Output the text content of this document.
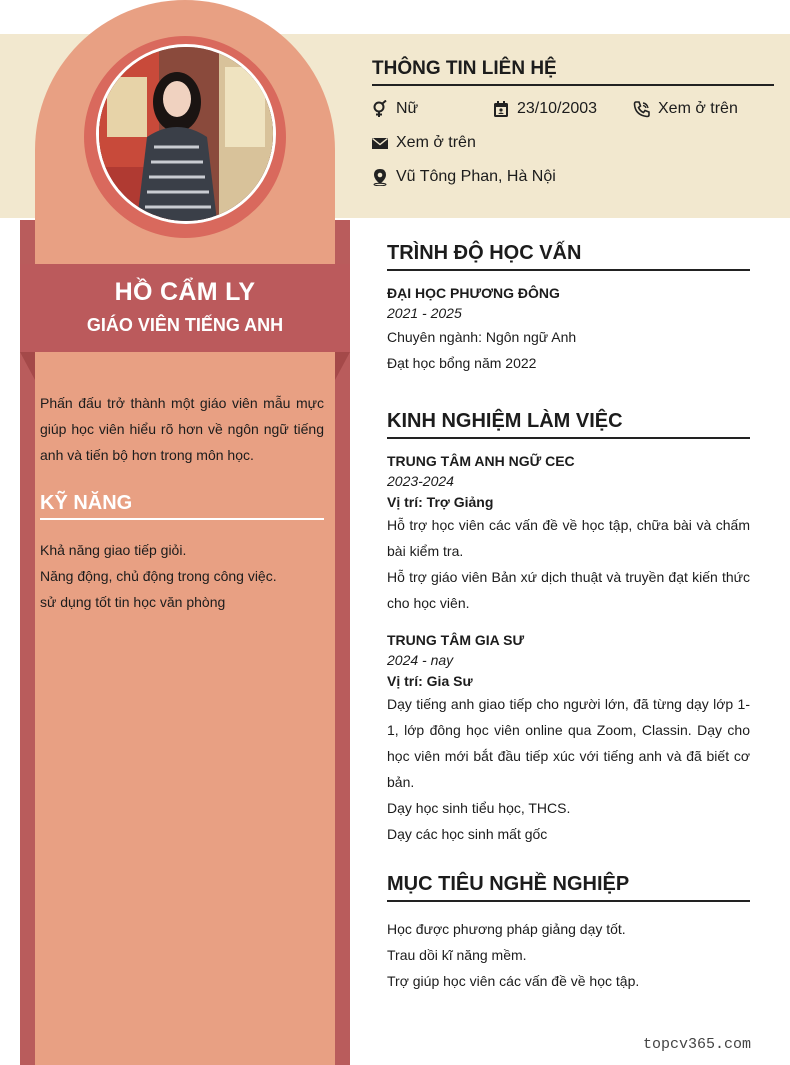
HỒ CẨM LY
GIÁO VIÊN TIẾNG ANH
Phấn đấu trở thành một giáo viên mẫu mực giúp học viên hiểu rõ hơn về ngôn ngữ tiếng anh và tiến bộ hơn trong môn học.
KỸ NĂNG
Khả năng giao tiếp giỏi.
Năng động, chủ động trong công việc.
sử dụng tốt tin học văn phòng
THÔNG TIN LIÊN HỆ
Nữ	23/10/2003	Xem ở trên
Xem ở trên
Vũ Tông Phan, Hà Nội
TRÌNH ĐỘ HỌC VẤN
ĐẠI HỌC PHƯƠNG ĐÔNG
2021 - 2025
Chuyên ngành: Ngôn ngữ Anh
Đạt học bổng năm 2022
KINH NGHIỆM LÀM VIỆC
TRUNG TÂM ANH NGỮ CEC
2023-2024
Vị trí: Trợ Giảng
Hỗ trợ học viên các vấn đề về học tập, chữa bài và chấm bài kiểm tra.
Hỗ trợ giáo viên Bản xứ dịch thuật và truyền đạt kiến thức cho học viên.
TRUNG TÂM GIA SƯ
2024 - nay
Vị trí: Gia Sư
Dạy tiếng anh giao tiếp cho người lớn, đã từng dạy lớp 1-1, lớp đông học viên online qua Zoom, Classin. Dạy cho học viên mới bắt đầu tiếp xúc với tiếng anh và đã biết cơ bản.
Dạy học sinh tiểu học, THCS.
Dạy các học sinh mất gốc
MỤC TIÊU NGHỀ NGHIỆP
Học được phương pháp giảng dạy tốt.
Trau dồi kĩ năng mềm.
Trợ giúp học viên các vấn đề về học tập.
topcv365.com
